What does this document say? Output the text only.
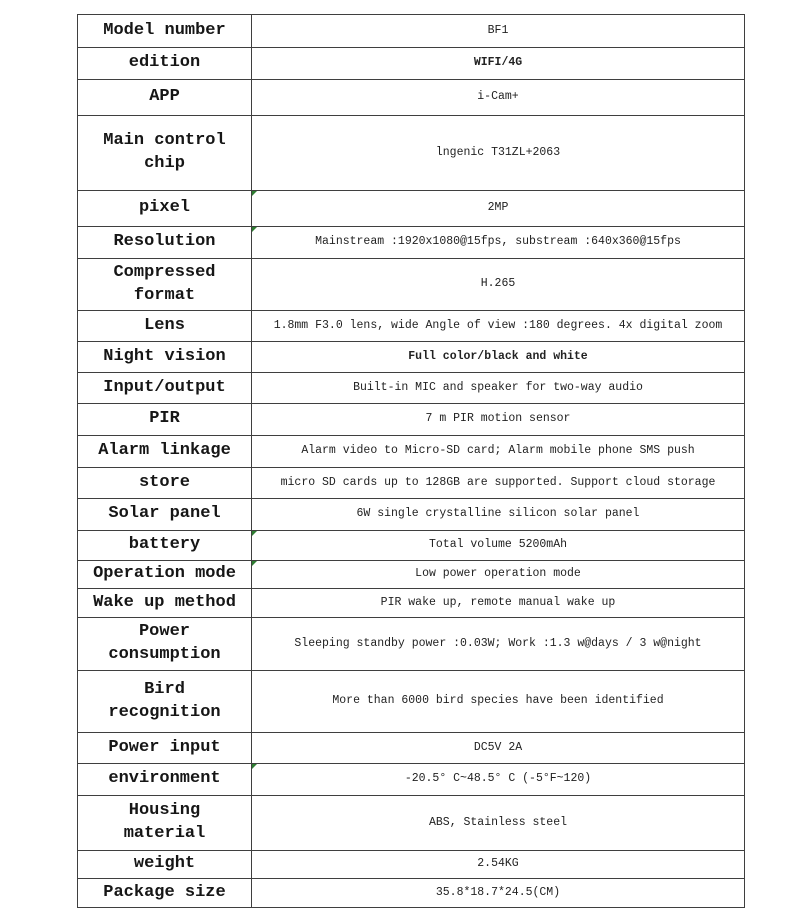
Model number	BF1
edition	WIFI/4G
APP	i-Cam+
Main control chip	lngenic T31ZL+2063
pixel	2MP
Resolution	Mainstream :1920x1080@15fps, substream :640x360@15fps
Compressed format	H.265
Lens	1.8mm F3.0 lens, wide Angle of view :180 degrees. 4x digital zoom
Night vision	Full color/black and white
Input/output	Built-in MIC and speaker for two-way audio
PIR	7 m PIR motion sensor
Alarm linkage	Alarm video to Micro-SD card; Alarm mobile phone SMS push
store	micro SD cards up to 128GB are supported. Support cloud storage
Solar panel	6W single crystalline silicon solar panel
battery	Total volume 5200mAh
Operation mode	Low power operation mode
Wake up method	PIR wake up, remote manual wake up
Power consumption	Sleeping standby power :0.03W; Work :1.3 w@days / 3 w@night
Bird recognition	More than 6000 bird species have been identified
Power input	DC5V 2A
environment	-20.5° C~48.5° C (-5°F~120)
Housing material	ABS, Stainless steel
weight	2.54KG
Package size	35.8*18.7*24.5(CM)
